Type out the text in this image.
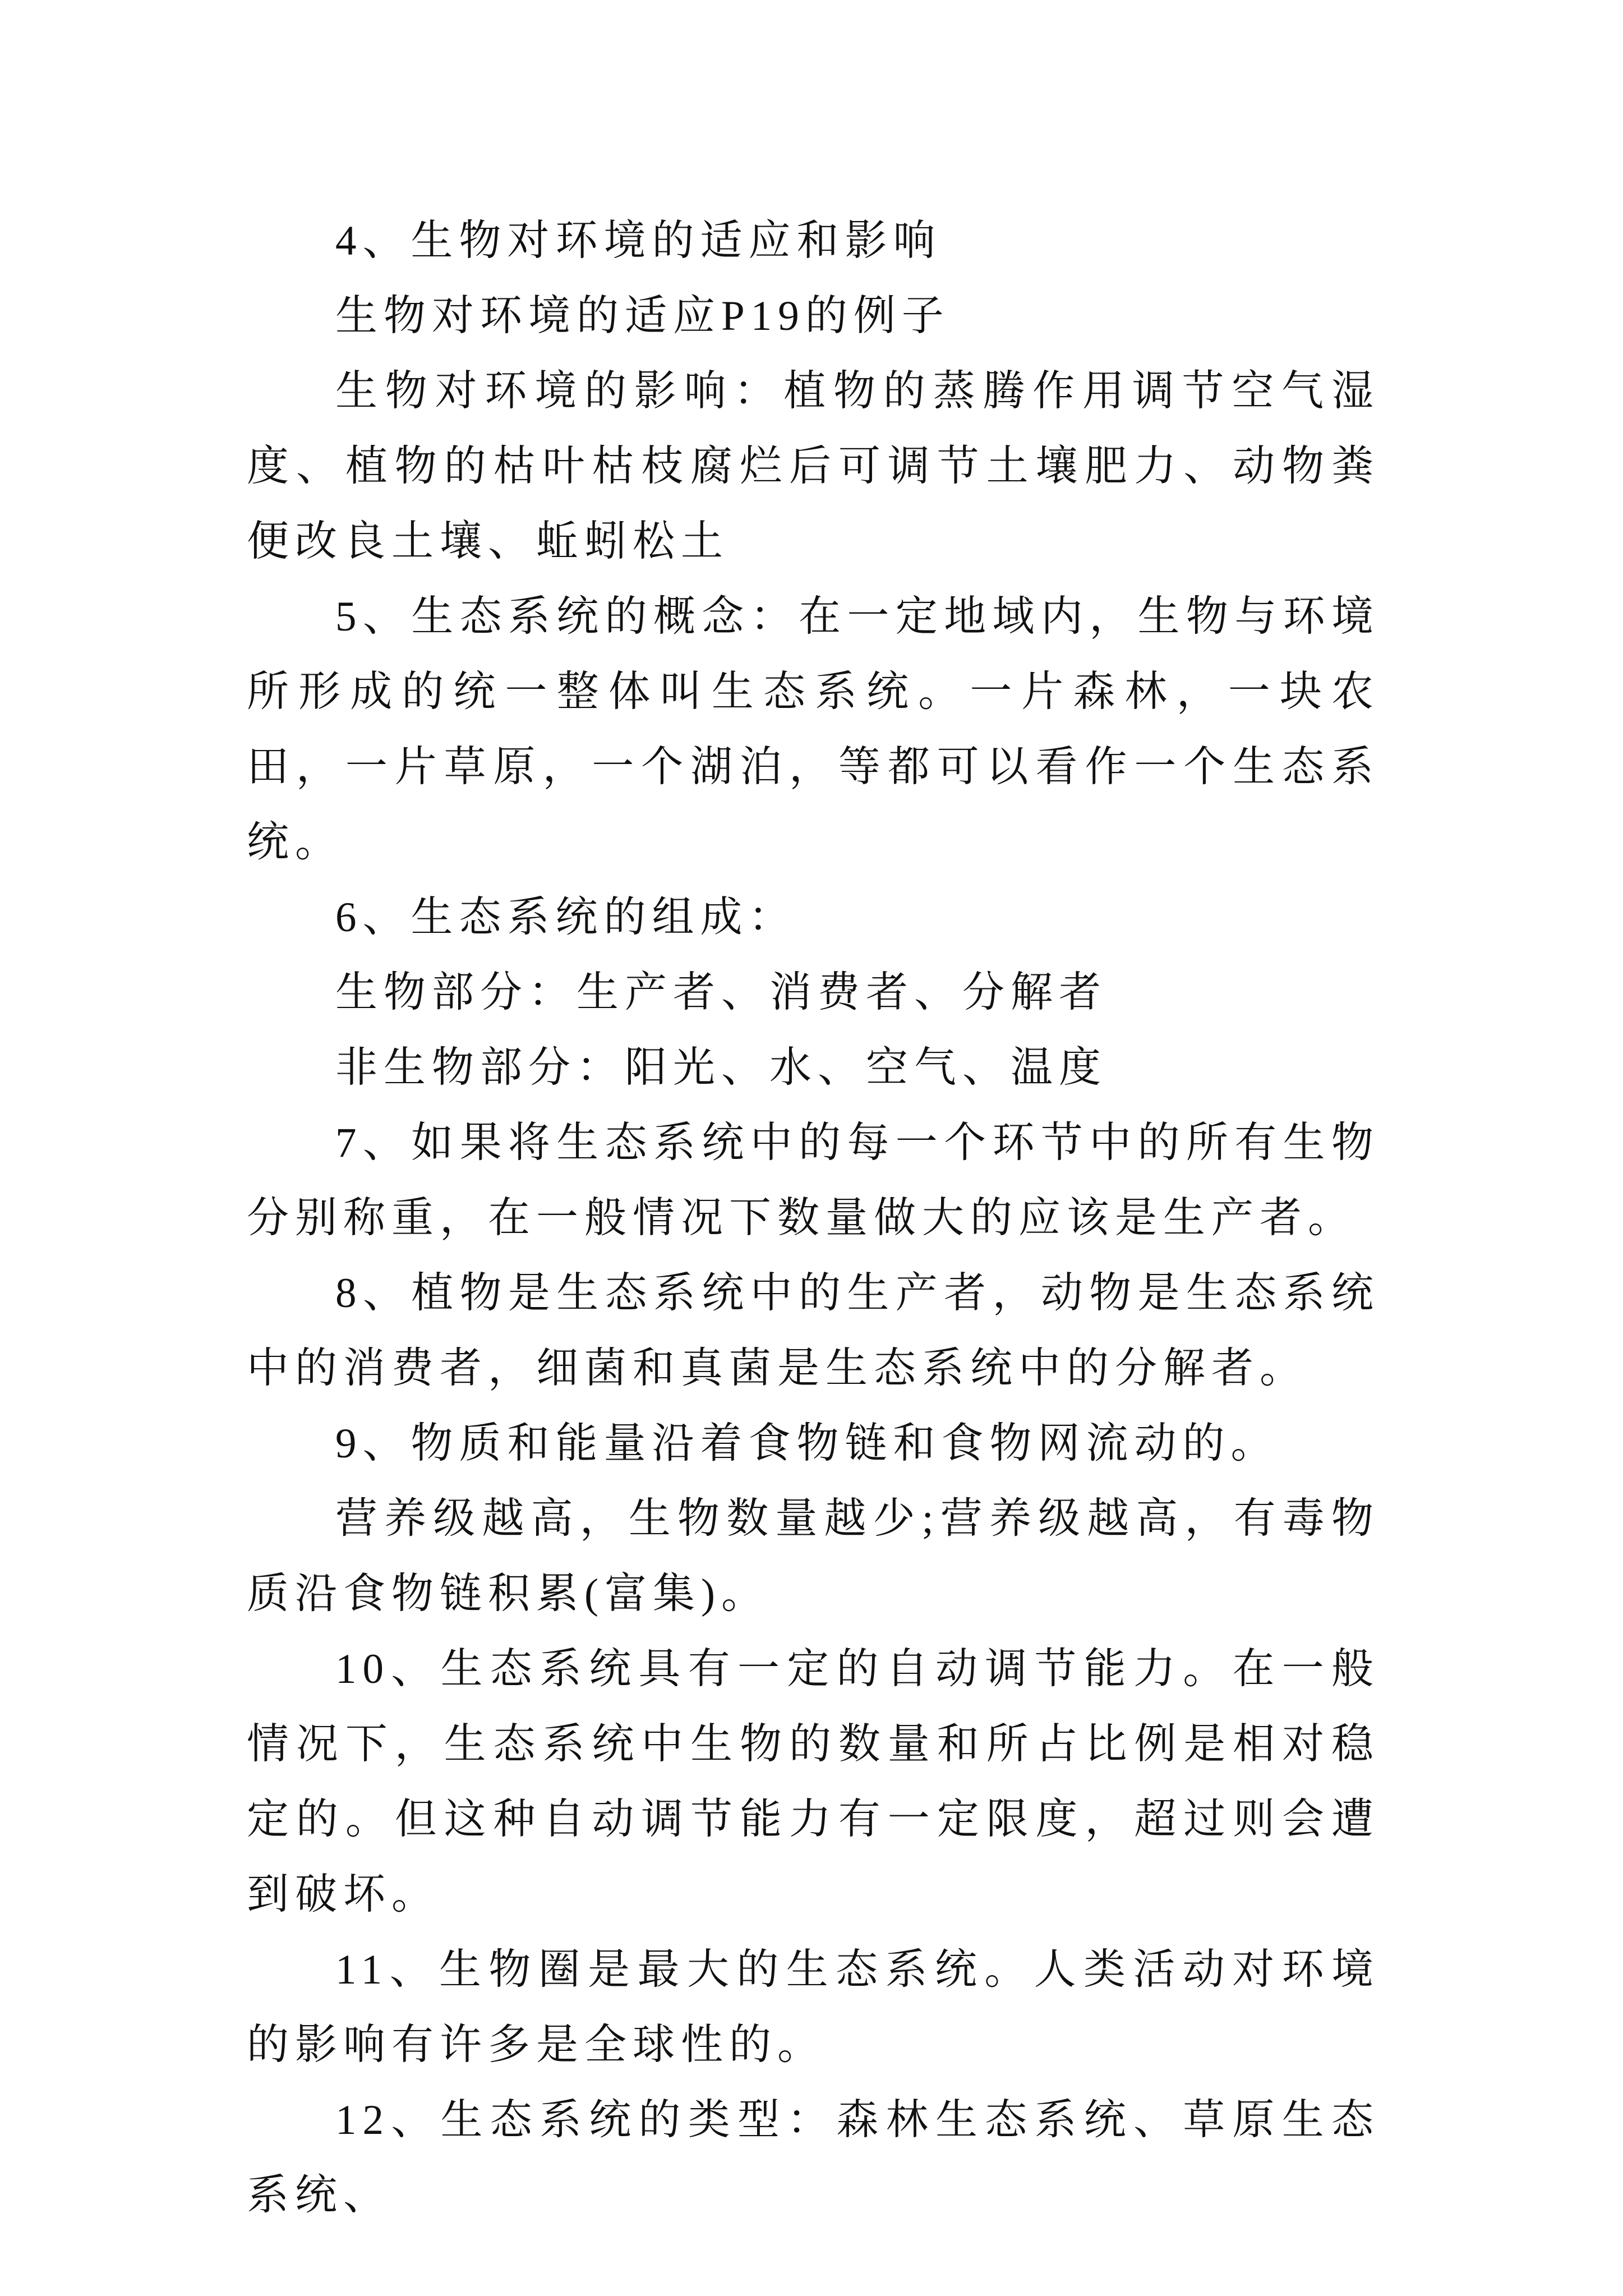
4、生物对环境的适应和影响

生物对环境的适应P19的例子

生物对环境的影响：植物的蒸腾作用调节空气湿度、植物的枯叶枯枝腐烂后可调节土壤肥力、动物粪便改良土壤、蚯蚓松土

5、生态系统的概念：在一定地域内，生物与环境所形成的统一整体叫生态系统。一片森林，一块农田，一片草原，一个湖泊，等都可以看作一个生态系统。

6、生态系统的组成：

生物部分：生产者、消费者、分解者

非生物部分：阳光、水、空气、温度

7、如果将生态系统中的每一个环节中的所有生物分别称重，在一般情况下数量做大的应该是生产者。

8、植物是生态系统中的生产者，动物是生态系统中的消费者，细菌和真菌是生态系统中的分解者。

9、物质和能量沿着食物链和食物网流动的。

营养级越高，生物数量越少;营养级越高，有毒物质沿食物链积累(富集)。

10、生态系统具有一定的自动调节能力。在一般情况下，生态系统中生物的数量和所占比例是相对稳定的。但这种自动调节能力有一定限度，超过则会遭到破坏。

11、生物圈是最大的生态系统。人类活动对环境的影响有许多是全球性的。

12、生态系统的类型：森林生态系统、草原生态系统、
